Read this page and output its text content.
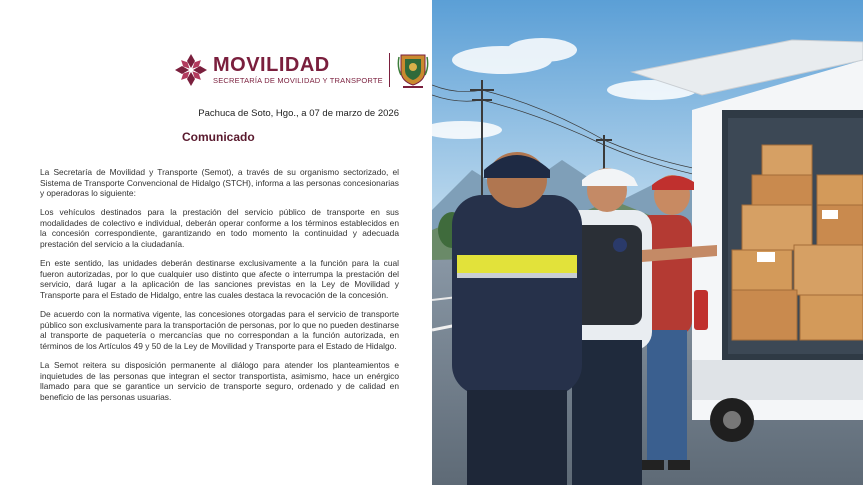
MOVILIDAD
SECRETARÍA DE MOVILIDAD Y TRANSPORTE
Pachuca de Soto, Hgo., a 07 de marzo de 2026
Comunicado

La Secretaría de Movilidad y Transporte (Semot), a través de su organismo sectorizado, el Sistema de Transporte Convencional de Hidalgo (STCH), informa a las personas concesionarias y operadoras lo siguiente:

Los vehículos destinados para la prestación del servicio público de transporte en sus modalidades de colectivo e individual, deberán operar conforme a los términos establecidos en la concesión correspondiente, garantizando en todo momento la continuidad y adecuada prestación del servicio a la ciudadanía.

En este sentido, las unidades deberán destinarse exclusivamente a la función para la cual fueron autorizadas, por lo que cualquier uso distinto que afecte o interrumpa la prestación del servicio, dará lugar a la aplicación de las sanciones previstas en la Ley de Movilidad y Transporte para el Estado de Hidalgo, entre las cuales destaca la revocación de la concesión.

De acuerdo con la normativa vigente, las concesiones otorgadas para el servicio de transporte público son exclusivamente para la transportación de personas, por lo que no pueden destinarse al transporte de paquetería o mercancías que no correspondan a la función autorizada, en términos de los Artículos 49 y 50 de la Ley de Movilidad y Transporte para el Estado de Hidalgo.

La Semot reitera su disposición permanente al diálogo para atender los planteamientos e inquietudes de las personas que integran el sector transportista, asimismo, hace un enérgico llamado para que se garantice un servicio de transporte seguro, ordenado y de calidad en beneficio de las personas usuarias.
